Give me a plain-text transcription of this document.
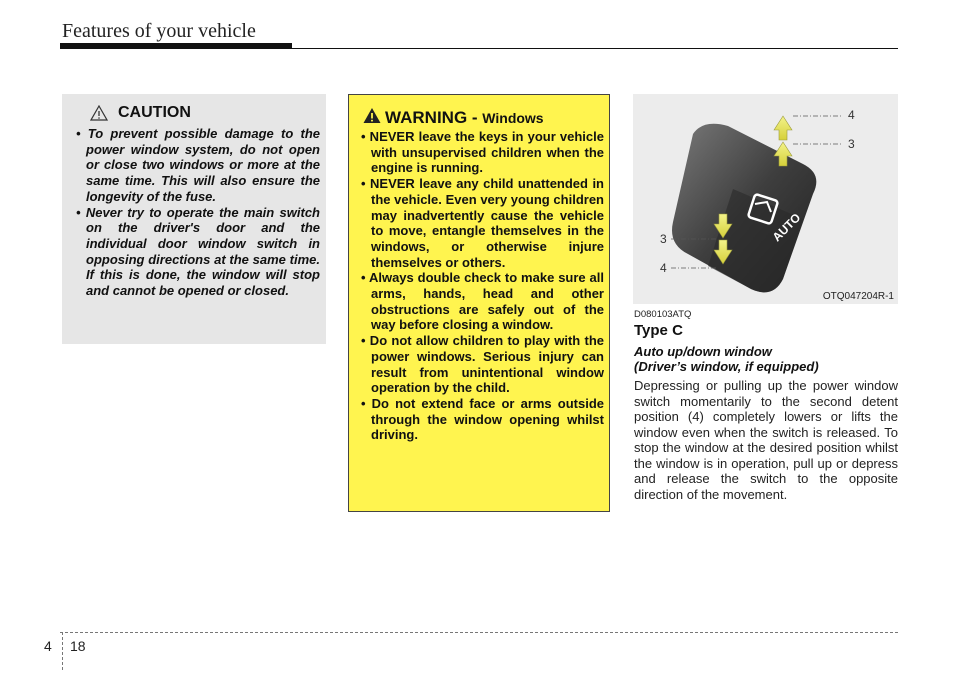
Features of your vehicle
CAUTION
• To prevent possible damage to the power window system, do not open or close two windows or more at the same time. This will also ensure the longevity of the fuse.
• Never try to operate the main switch on the driver's door and the individual door window switch in opposing directions at the same time. If this is done, the window will stop and cannot be opened or closed.
WARNING - Windows
• NEVER leave the keys in your vehicle with unsupervised children when the engine is running.
• NEVER leave any child unattended in the vehicle. Even very young children may inadvertently cause the vehicle to move, entangle themselves in the windows, or otherwise injure themselves or others.
• Always double check to make sure all arms, hands, head and other obstructions are safely out of the way before closing a window.
• Do not allow children to play with the power windows. Serious injury can result from unintentional window operation by the child.
• Do not extend face or arms outside through the window opening whilst driving.
AUTO
4
3
3
4
OTQ047204R-1
D080103ATQ
Type C
Auto up/down window
(Driver’s window, if equipped)
Depressing or pulling up the power window switch momentarily to the second detent position (4) completely lowers or lifts the window even when the switch is released. To stop the window at the desired position whilst the window is in operation, pull up or depress and release the switch to the opposite direction of the movement.
4 18
